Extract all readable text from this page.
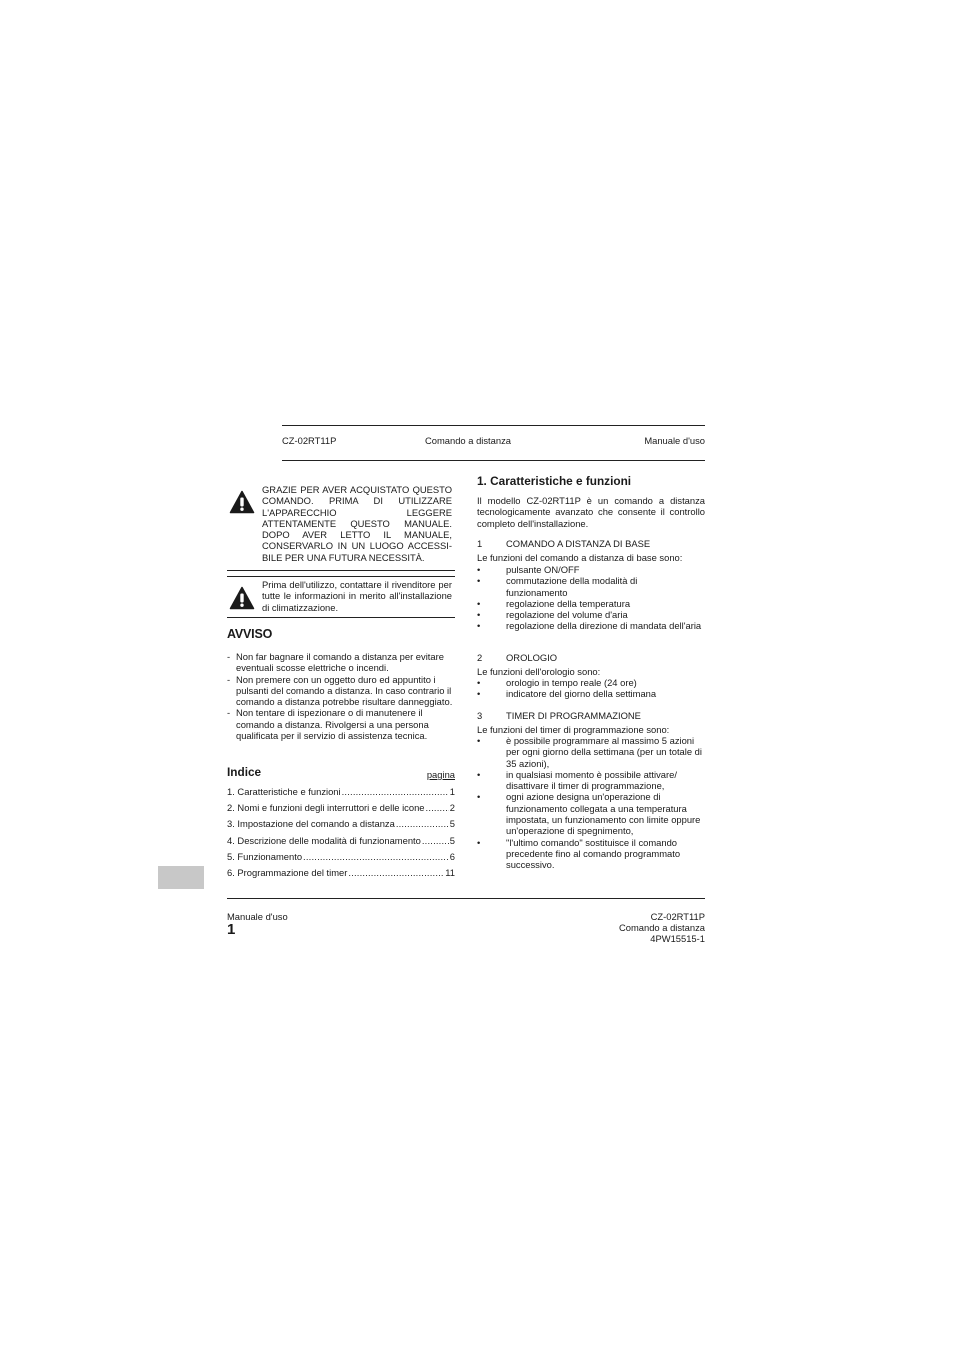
CZ-02RT11P	Comando a distanza	Manuale d'uso
GRAZIE PER AVER ACQUISTATO QUESTO COMANDO. PRIMA DI UTILIZZARE L'APPARECCHIO LEGGERE ATTENTAMENTE QUESTO MANUALE. DOPO AVER LETTO IL MANUALE, CONSERVARLO IN UN LUOGO ACCESSI-BILE PER UNA FUTURA NECESSITÀ.
Prima dell'utilizzo, contattare il rivenditore per tutte le informazioni in merito all'installazione di climatizzazione.
AVVISO
- Non far bagnare il comando a distanza per evitare eventuali scosse elettriche o incendi.
- Non premere con un oggetto duro ed appuntito i pulsanti del comando a distanza. In caso contrario il comando a distanza potrebbe risultare danneggiato.
- Non tentare di ispezionare o di manutenere il comando a distanza. Rivolgersi a una persona qualificata per il servizio di assistenza tecnica.
Indice	pagina
1. Caratteristiche e funzioni .....	1
2. Nomi e funzioni degli interruttori e delle icone .....	2
3. Impostazione del comando a distanza .....	5
4. Descrizione delle modalità di funzionamento .....	5
5. Funzionamento .....	6
6. Programmazione del timer .....	11
1. Caratteristiche e funzioni
Il modello CZ-02RT11P è un comando a distanza tecnologicamente avanzato che consente il controllo completo dell'installazione.
1	COMANDO A DISTANZA DI BASE
Le funzioni del comando a distanza di base sono:
• pulsante ON/OFF
• commutazione della modalità di funzionamento
• regolazione della temperatura
• regolazione del volume d'aria
• regolazione della direzione di mandata dell'aria
2	OROLOGIO
Le funzioni dell'orologio sono:
• orologio in tempo reale (24 ore)
• indicatore del giorno della settimana
3	TIMER DI PROGRAMMAZIONE
Le funzioni del timer di programmazione sono:
• è possibile programmare al massimo 5 azioni per ogni giorno della settimana (per un totale di 35 azioni),
• in qualsiasi momento è possibile attivare/ disattivare il timer di programmazione,
• ogni azione designa un'operazione di funzionamento collegata a una temperatura impostata, un funzionamento con limite oppure un'operazione di spegnimento,
• "l'ultimo comando" sostituisce il comando precedente fino al comando programmato successivo.
Manuale d'uso
1
CZ-02RT11P
Comando a distanza
4PW15515-1
